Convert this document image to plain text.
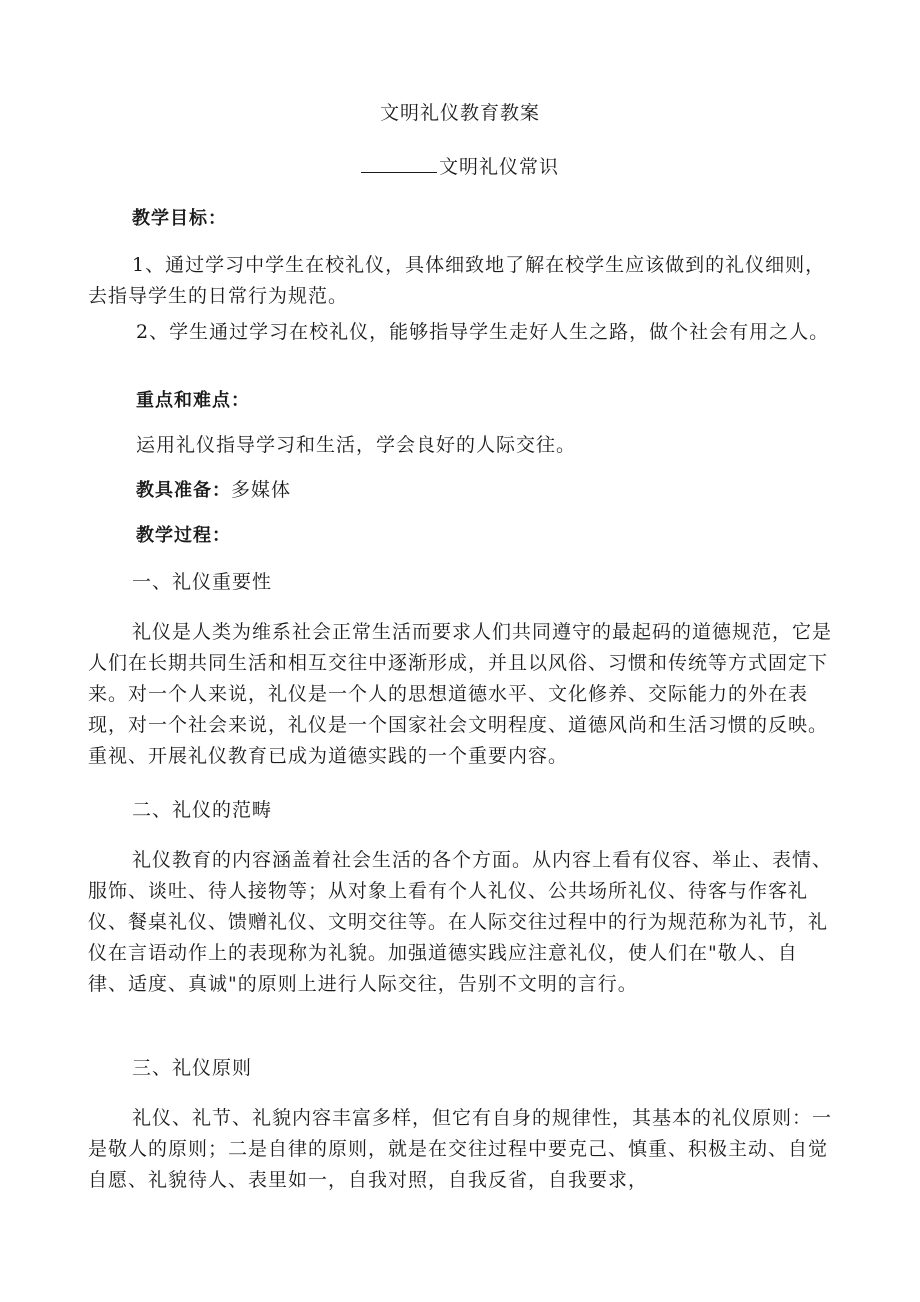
文明礼仪教育教案
文明礼仪常识
教学目标：
1、通过学习中学生在校礼仪，具体细致地了解在校学生应该做到的礼仪细则，去指导学生的日常行为规范。
2、学生通过学习在校礼仪，能够指导学生走好人生之路，做个社会有用之人。
重点和难点：
运用礼仪指导学习和生活，学会良好的人际交往。
教具准备：多媒体
教学过程：
一、礼仪重要性
礼仪是人类为维系社会正常生活而要求人们共同遵守的最起码的道德规范，它是人们在长期共同生活和相互交往中逐渐形成，并且以风俗、习惯和传统等方式固定下来。对一个人来说，礼仪是一个人的思想道德水平、文化修养、交际能力的外在表现，对一个社会来说，礼仪是一个国家社会文明程度、道德风尚和生活习惯的反映。重视、开展礼仪教育已成为道德实践的一个重要内容。
二、礼仪的范畴
礼仪教育的内容涵盖着社会生活的各个方面。从内容上看有仪容、举止、表情、服饰、谈吐、待人接物等；从对象上看有个人礼仪、公共场所礼仪、待客与作客礼仪、餐桌礼仪、馈赠礼仪、文明交往等。在人际交往过程中的行为规范称为礼节，礼仪在言语动作上的表现称为礼貌。加强道德实践应注意礼仪，使人们在"敬人、自律、适度、真诚"的原则上进行人际交往，告别不文明的言行。
三、礼仪原则
礼仪、礼节、礼貌内容丰富多样，但它有自身的规律性，其基本的礼仪原则：一是敬人的原则；二是自律的原则，就是在交往过程中要克己、慎重、积极主动、自觉自愿、礼貌待人、表里如一，自我对照，自我反省，自我要求，
